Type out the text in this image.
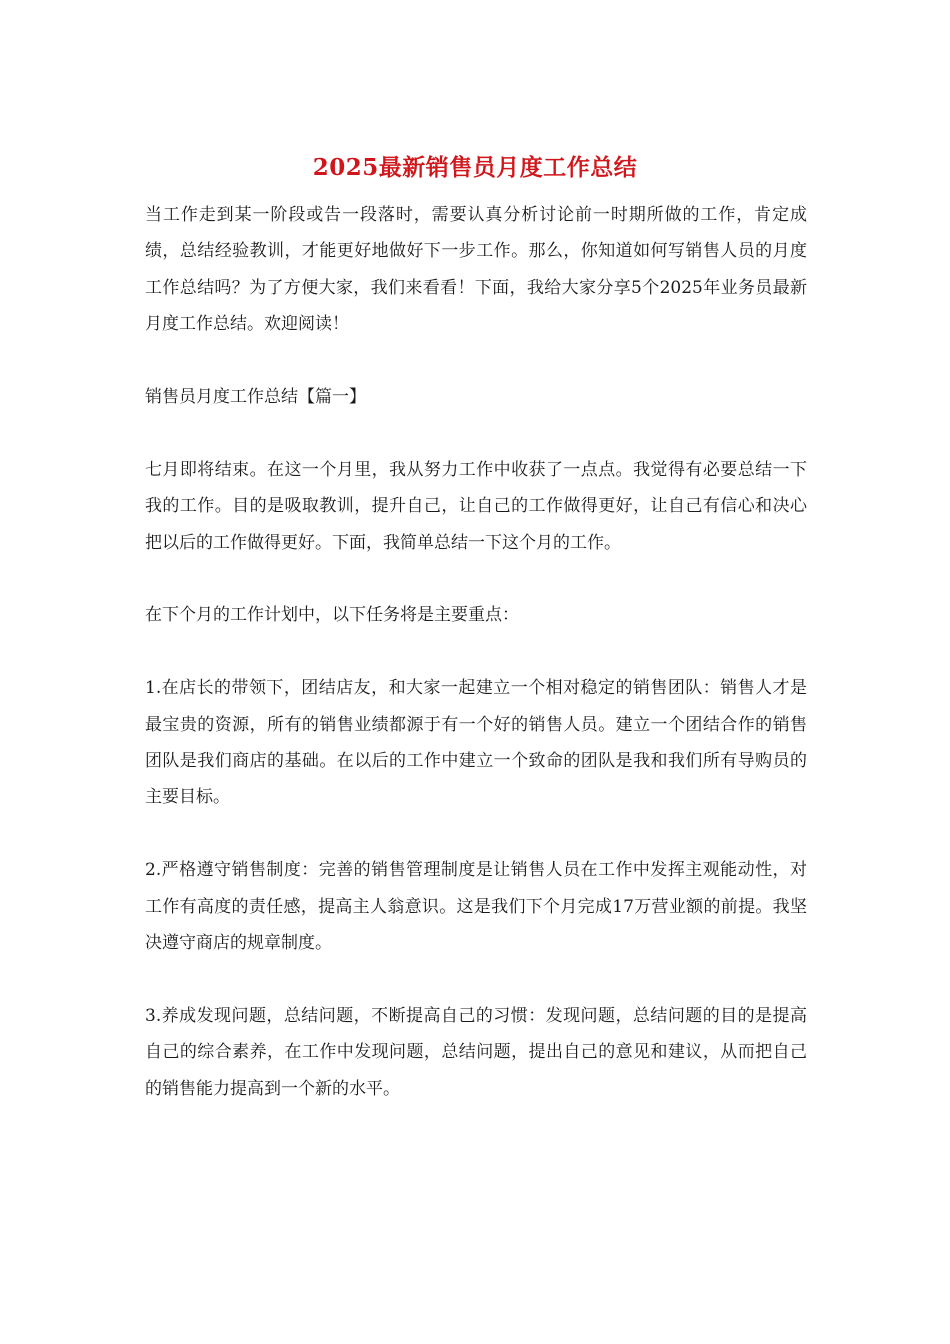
2025最新销售员月度工作总结

当工作走到某一阶段或告一段落时，需要认真分析讨论前一时期所做的工作，肯定成绩，总结经验教训，才能更好地做好下一步工作。那么，你知道如何写销售人员的月度工作总结吗？为了方便大家，我们来看看！下面，我给大家分享5个2025年业务员最新月度工作总结。欢迎阅读！

销售员月度工作总结【篇一】

七月即将结束。在这一个月里，我从努力工作中收获了一点点。我觉得有必要总结一下我的工作。目的是吸取教训，提升自己，让自己的工作做得更好，让自己有信心和决心把以后的工作做得更好。下面，我简单总结一下这个月的工作。

在下个月的工作计划中，以下任务将是主要重点：

1.在店长的带领下，团结店友，和大家一起建立一个相对稳定的销售团队：销售人才是最宝贵的资源，所有的销售业绩都源于有一个好的销售人员。建立一个团结合作的销售团队是我们商店的基础。在以后的工作中建立一个致命的团队是我和我们所有导购员的主要目标。

2.严格遵守销售制度：完善的销售管理制度是让销售人员在工作中发挥主观能动性，对工作有高度的责任感，提高主人翁意识。这是我们下个月完成17万营业额的前提。我坚决遵守商店的规章制度。

3.养成发现问题，总结问题，不断提高自己的习惯：发现问题，总结问题的目的是提高自己的综合素养，在工作中发现问题，总结问题，提出自己的意见和建议，从而把自己的销售能力提高到一个新的水平。
